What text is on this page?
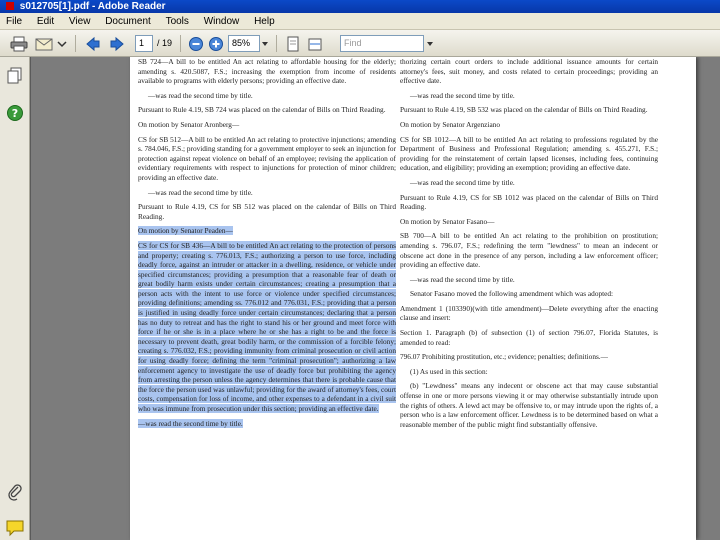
s012705[1].pdf - Adobe Reader
File Edit View Document Tools Window Help
1	/ 19	85%	Find
?

SB 724—A bill to be entitled An act relating to affordable housing for the elderly; amending s. 420.5087, F.S.; increasing the exemption from income of residents available to programs with elderly persons; providing an effective date.

—was read the second time by title.

Pursuant to Rule 4.19, SB 724 was placed on the calendar of Bills on Third Reading.

On motion by Senator Aronberg—

CS for SB 512—A bill to be entitled An act relating to protective injunctions; amending s. 784.046, F.S.; providing standing for a government employer to seek an injunction for protection against repeat violence on behalf of an employee; revising the application of evidentiary requirements with respect to injunctions for protection of minor children; providing an effective date.

—was read the second time by title.

Pursuant to Rule 4.19, CS for SB 512 was placed on the calendar of Bills on Third Reading.

On motion by Senator Peaden—

CS for CS for SB 436—A bill to be entitled An act relating to the protection of persons and property; creating s. 776.013, F.S.; authorizing a person to use force, including deadly force, against an intruder or attacker in a dwelling, residence, or vehicle under specified circumstances; providing a presumption that a reasonable fear of death or great bodily harm exists under certain circumstances; creating a presumption that a person acts with the intent to use force or violence under specified circumstances; providing definitions; amending ss. 776.012 and 776.031, F.S.; providing that a person is justified in using deadly force under certain circumstances; declaring that a person has no duty to retreat and has the right to stand his or her ground and meet force with force if he or she is in a place where he or she has a right to be and the force is necessary to prevent death, great bodily harm, or the commission of a forcible felony; creating s. 776.032, F.S.; providing immunity from criminal prosecution or civil action for using deadly force; defining the term "criminal prosecution"; authorizing a law enforcement agency to investigate the use of deadly force but prohibiting the agency from arresting the person unless the agency determines that there is probable cause that the force the person used was unlawful; providing for the award of attorney's fees, court costs, compensation for loss of income, and other expenses to a defendant in a civil suit who was immune from prosecution under this section; providing an effective date.

—was read the second time by title.

thorizing certain court orders to include additional issuance amounts for certain attorney's fees, suit money, and costs related to certain proceedings; providing an effective date.

—was read the second time by title.

Pursuant to Rule 4.19, SB 532 was placed on the calendar of Bills on Third Reading.

On motion by Senator Argenziano

CS for SB 1012—A bill to be entitled An act relating to professions regulated by the Department of Business and Professional Regulation; amending s. 455.271, F.S.; providing for the reinstatement of certain lapsed licenses, including fees, continuing education, and eligibility; providing an exemption; providing an effective date.

—was read the second time by title.

Pursuant to Rule 4.19, CS for SB 1012 was placed on the calendar of Bills on Third Reading.

On motion by Senator Fasano—

SB 700—A bill to be entitled An act relating to the prohibition on prostitution; amending s. 796.07, F.S.; redefining the term "lewdness" to mean an indecent or obscene act done in the presence of any person, including a law enforcement officer; providing an effective date.

—was read the second time by title.

Senator Fasano moved the following amendment which was adopted:

Amendment 1 (103390)(with title amendment)—Delete everything after the enacting clause and insert:

Section 1. Paragraph (b) of subsection (1) of section 796.07, Florida Statutes, is amended to read:

796.07 Prohibiting prostitution, etc.; evidence; penalties; definitions.—

(1) As used in this section:

(b) "Lewdness" means any indecent or obscene act that may cause substantial offense in one or more persons viewing it or may otherwise substantially intrude upon the rights of others. A lewd act may be offensive to, or may intrude upon the rights of, a person who is a law enforcement officer. Lewdness is to be determined based on what a reasonable member of the public might find substantially offensive.
